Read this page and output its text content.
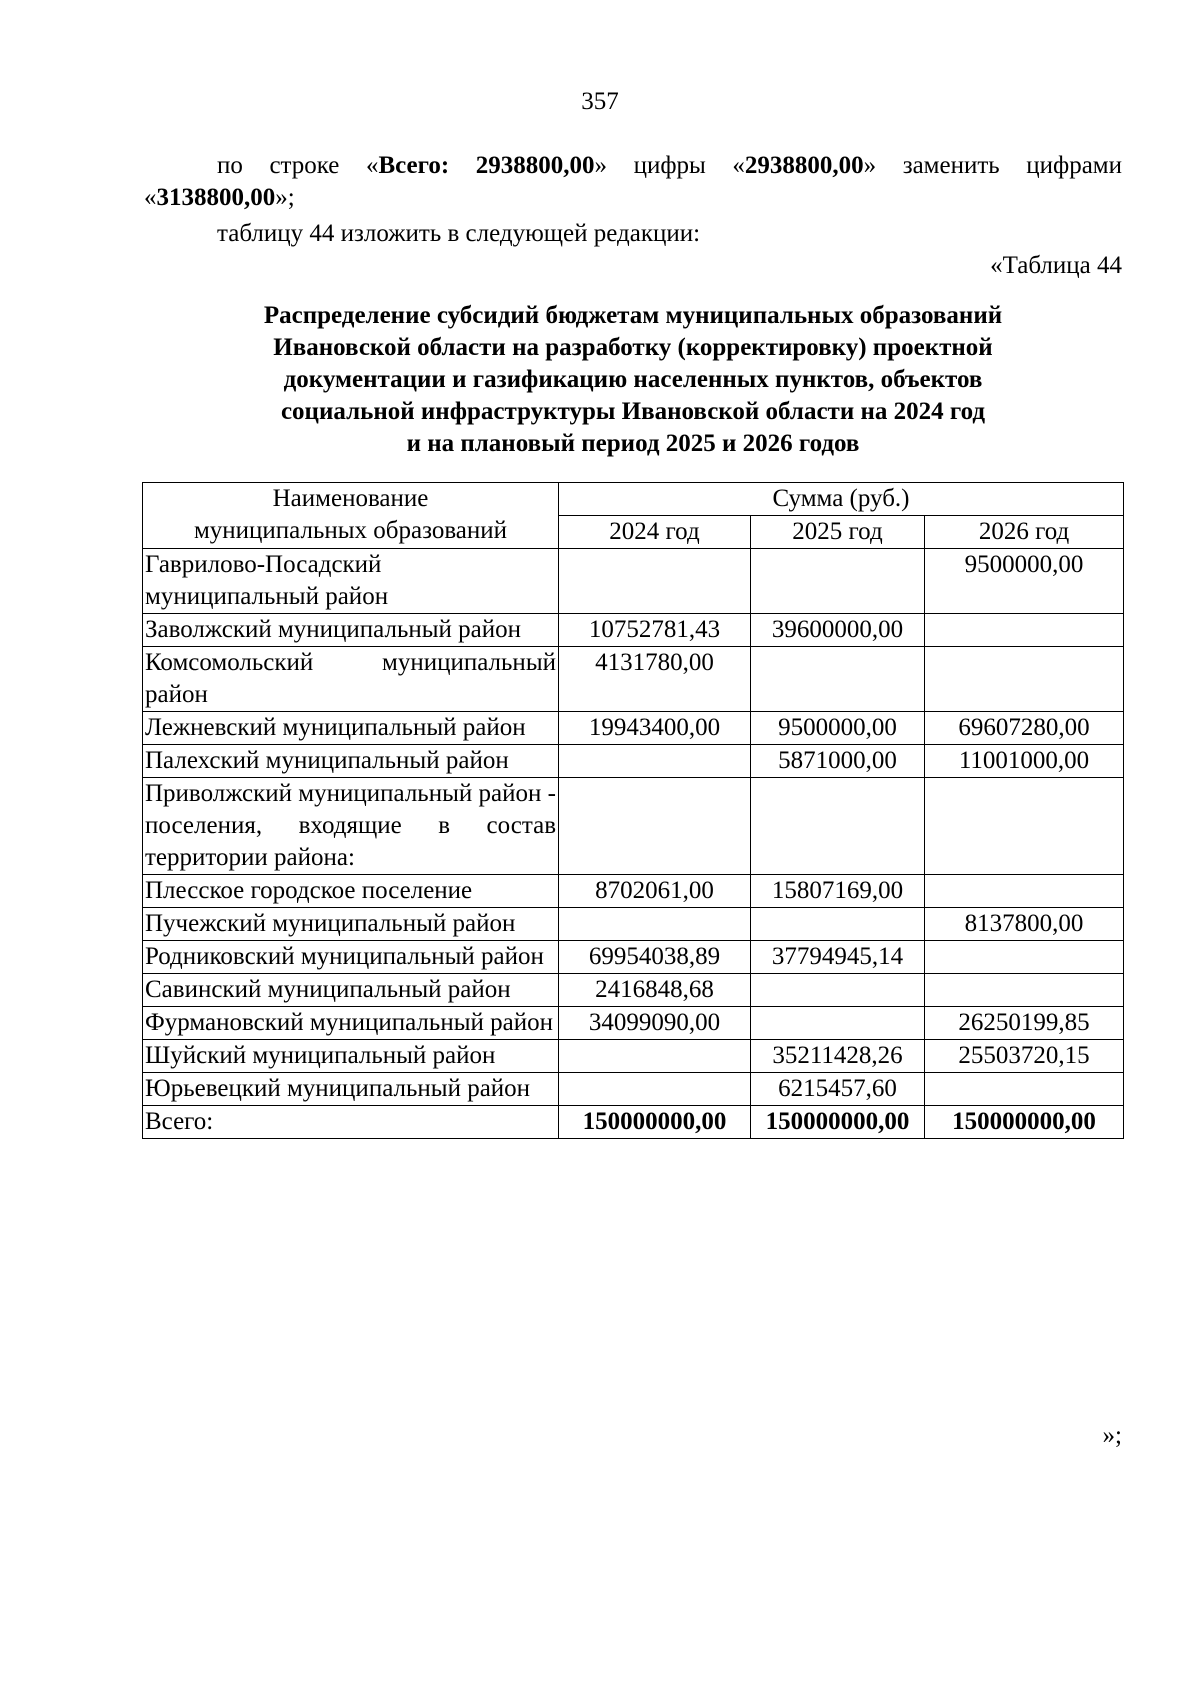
357
по строке «Всего: 2938800,00» цифры «2938800,00» заменить цифрами «3138800,00»;
таблицу 44 изложить в следующей редакции:
«Таблица 44
Распределение субсидий бюджетам муниципальных образований
Ивановской области на разработку (корректировку) проектной
документации и газификацию населенных пунктов, объектов
социальной инфраструктуры Ивановской области на 2024 год
и на плановый период 2025 и 2026 годов
Наименование
муниципальных образований	Сумма (руб.)		
	2024 год	2025 год	2026 год
Гаврилово-Посадский муниципальный район			9500000,00
Заволжский муниципальный район	10752781,43	39600000,00	
Комсомольский муниципальный район	4131780,00		
Лежневский муниципальный район	19943400,00	9500000,00	69607280,00
Палехский муниципальный район		5871000,00	11001000,00
Приволжский муниципальный район - поселения, входящие в состав территории района:			
Плесское городское поселение	8702061,00	15807169,00	
Пучежский муниципальный район			8137800,00
Родниковский муниципальный район	69954038,89	37794945,14	
Савинский муниципальный район	2416848,68		
Фурмановский муниципальный район	34099090,00		26250199,85
Шуйский муниципальный район		35211428,26	25503720,15
Юрьевецкий муниципальный район		6215457,60	
Всего:	150000000,00	150000000,00	150000000,00
»;
